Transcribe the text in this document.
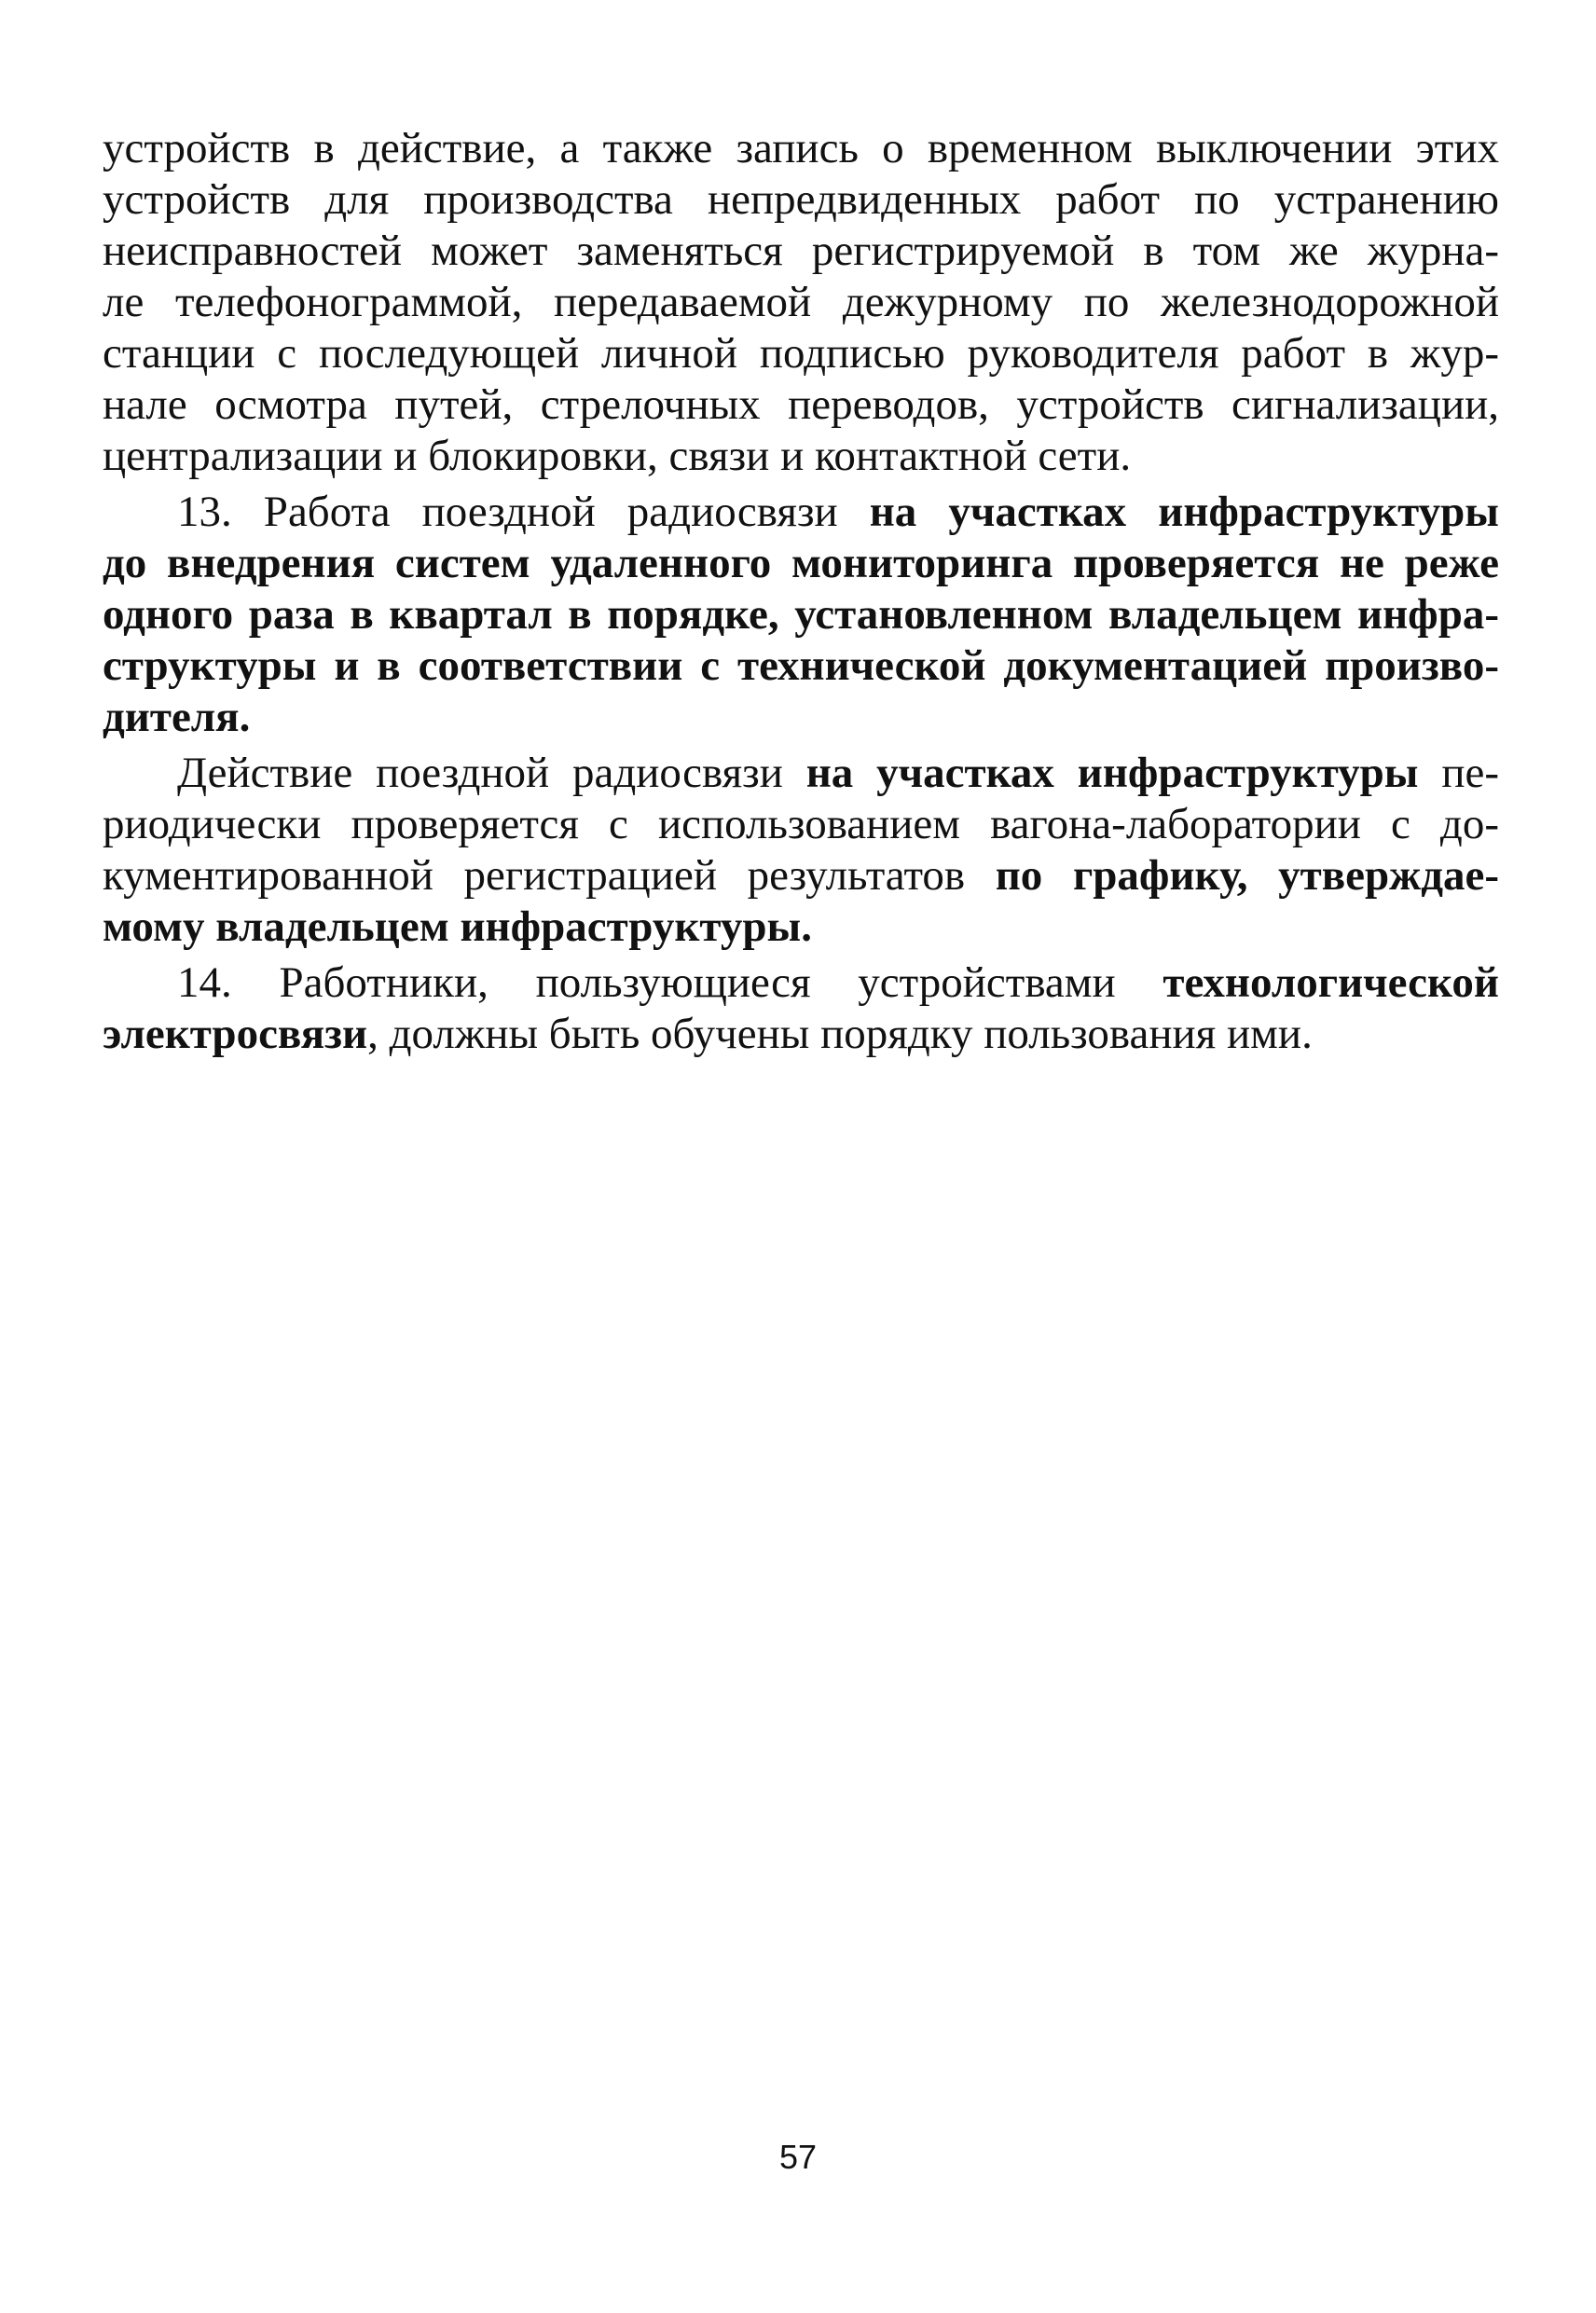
устройств в действие, а также запись о временном выключении этих
устройств для производства непредвиденных работ по устранению
неисправностей может заменяться регистрируемой в том же журна-
ле телефонограммой, передаваемой дежурному по железнодорожной
станции с последующей личной подписью руководителя работ в жур-
нале осмотра путей, стрелочных переводов, устройств сигнализации,
централизации и блокировки, связи и контактной сети.
13. Работа поездной радиосвязи на участках инфраструктуры
до внедрения систем удаленного мониторинга проверяется не реже
одного раза в квартал в порядке, установленном владельцем инфра-
структуры и в соответствии с технической документацией произво-
дителя.
Действие поездной радиосвязи на участках инфраструктуры пе-
риодически проверяется с использованием вагона-лаборатории с до-
кументированной регистрацией результатов по графику, утверждае-
мому владельцем инфраструктуры.
14. Работники, пользующиеся устройствами технологической
электросвязи, должны быть обучены порядку пользования ими.
57
